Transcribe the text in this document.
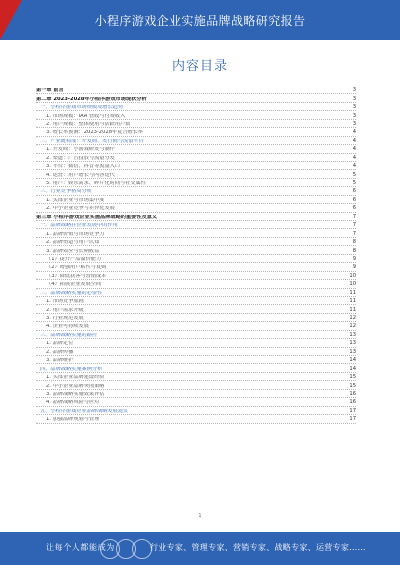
小程序游戏企业实施品牌战略研究报告
内容目录
第一章 前言	3
第二章 2023-2028年小程序游戏市场现状分析	3
一、小程序游戏市场规模及增长趋势	3
1. 市场规模：IAA 营收与付费收入	3
2. 用户规模：整体使用与活跃用户数	3
3. 增长率预测：2023-2028年复合增长率	4
二、产业链构成：开发商、发行商与流量平台	4
1. 开发商：小游戏研发与制作	4
2. 渠道：广告投放与流量分发	4
3. 平台：微信、抖音等流量入口	4
4. 运营：用户增长与内容迭代	5
5. 用户：娱乐需求、碎片化时间与社交属性	5
三、行业竞争格局分析	6
1. 头部企业与市场集中度	6
2. 中小企业竞争与差异化发展	6
第三章 小程序游戏企业实施品牌战略的重要性及意义	7
一、品牌战略在企业发展中的作用	7
1. 品牌价值与市场竞争力	7
2. 品牌塑造与用户认知	8
3. 品牌效应与长期收益	8
（1）提升产品溢价能力	9
（2）增强用户粘性与复购	9
（3）降低获客与营销成本	10
（4）拓展企业发展空间	10
二、品牌战略实施的必要性	11
1. 市场竞争加剧	11
2. 用户需求升级	11
3. 行业规范发展	12
4. 企业可持续发展	12
三、品牌战略实施的路径	13
1. 品牌定位	13
2. 品牌传播	13
3. 品牌维护	14
四、品牌战略实施案例分析	14
1. 头部企业品牌建设经验	15
2. 中小企业品牌突围策略	15
3. 品牌战略实施效果评估	16
4. 品牌战略风险与应对	16
五、小程序游戏企业品牌战略发展建议	17
1. 加强品牌规划与管理	17
1
让每个人都能成为	行业专家、管理专家、营销专家、战略专家、运营专家……
